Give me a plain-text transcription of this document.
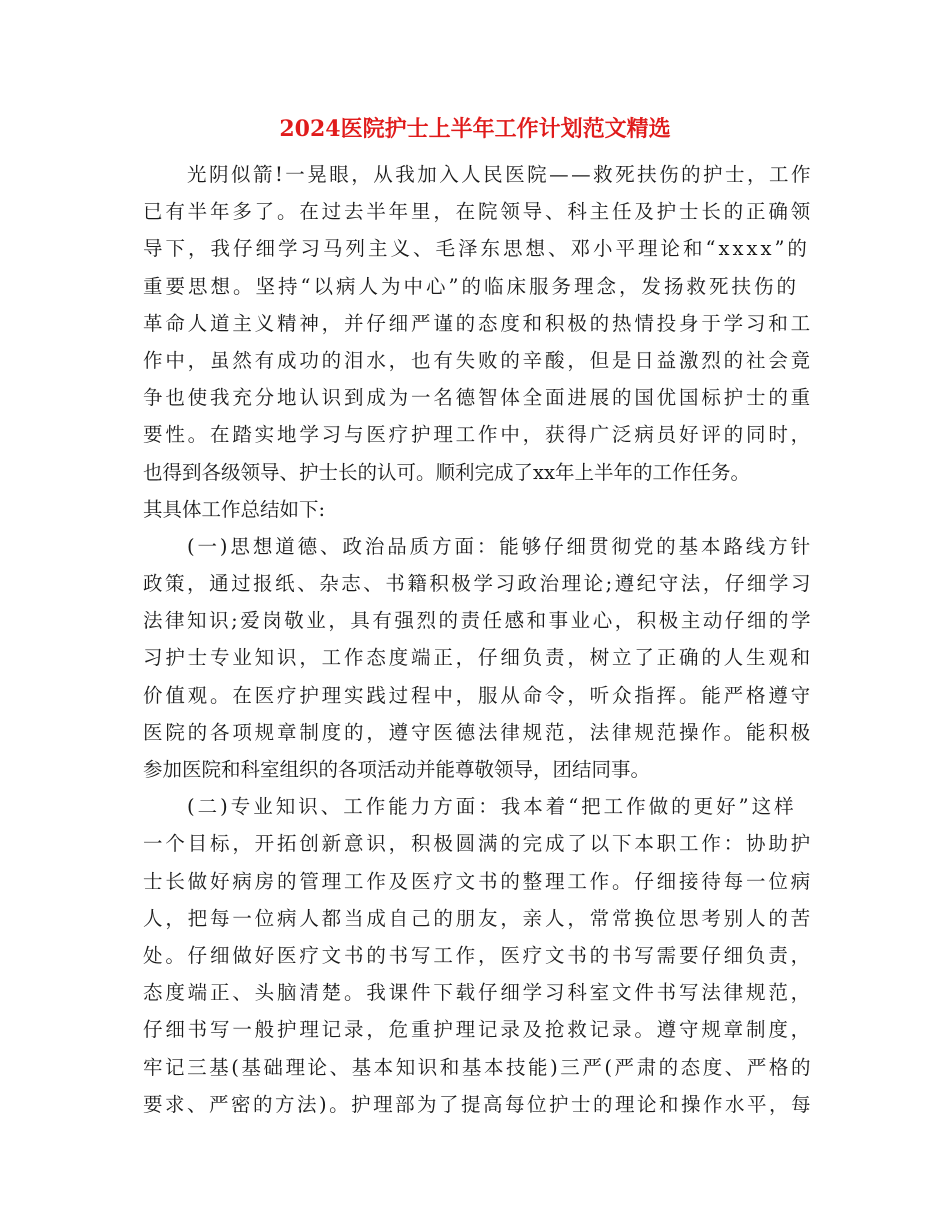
2024医院护士上半年工作计划范文精选
光阴似箭!一晃眼，从我加入人民医院——救死扶伤的护士，工作
已有半年多了。在过去半年里，在院领导、科主任及护士长的正确领
导下，我仔细学习马列主义、毛泽东思想、邓小平理论和“xxxx”的
重要思想。坚持“以病人为中心”的临床服务理念，发扬救死扶伤的
革命人道主义精神，并仔细严谨的态度和积极的热情投身于学习和工
作中，虽然有成功的泪水，也有失败的辛酸，但是日益激烈的社会竟
争也使我充分地认识到成为一名德智体全面进展的国优国标护士的重
要性。在踏实地学习与医疗护理工作中，获得广泛病员好评的同时，
也得到各级领导、护士长的认可。顺利完成了xx年上半年的工作任务。
其具体工作总结如下:
(一)思想道德、政治品质方面：能够仔细贯彻党的基本路线方针
政策，通过报纸、杂志、书籍积极学习政治理论;遵纪守法，仔细学习
法律知识;爱岗敬业，具有强烈的责任感和事业心，积极主动仔细的学
习护士专业知识，工作态度端正，仔细负责，树立了正确的人生观和
价值观。在医疗护理实践过程中，服从命令，听众指挥。能严格遵守
医院的各项规章制度的，遵守医德法律规范，法律规范操作。能积极
参加医院和科室组织的各项活动并能尊敬领导，团结同事。
(二)专业知识、工作能力方面：我本着“把工作做的更好”这样
一个目标，开拓创新意识，积极圆满的完成了以下本职工作：协助护
士长做好病房的管理工作及医疗文书的整理工作。仔细接待每一位病
人，把每一位病人都当成自己的朋友，亲人，常常换位思考别人的苦
处。仔细做好医疗文书的书写工作，医疗文书的书写需要仔细负责，
态度端正、头脑清楚。我课件下载仔细学习科室文件书写法律规范，
仔细书写一般护理记录，危重护理记录及抢救记录。遵守规章制度，
牢记三基(基础理论、基本知识和基本技能)三严(严肃的态度、严格的
要求、严密的方法)。护理部为了提高每位护士的理论和操作水平，每
